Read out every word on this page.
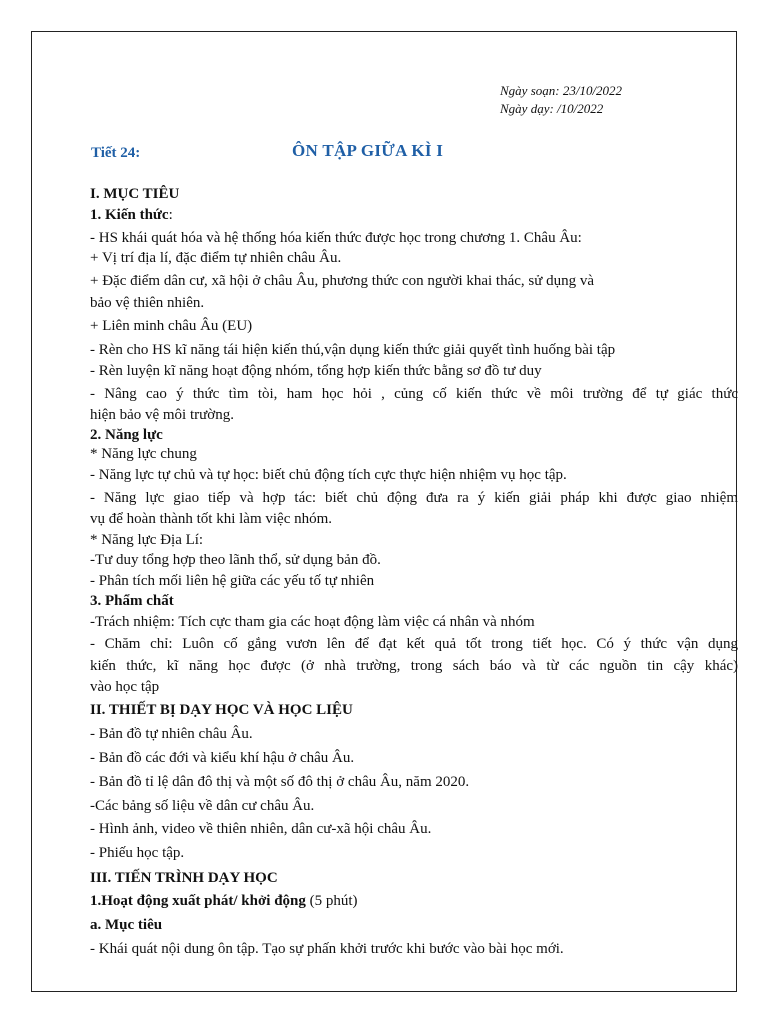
Ngày soạn: 23/10/2022
Ngày dạy: /10/2022
Tiết 24:	ÔN TẬP GIỮA KÌ I
I. MỤC TIÊU
1. Kiến thức:
- HS khái quát hóa và hệ thống hóa kiến thức được học trong chương 1. Châu Âu:
+ Vị trí địa lí, đặc điểm tự nhiên châu Âu.
+ Đặc điểm dân cư, xã hội ở châu Âu, phương thức con người khai thác, sử dụng và
bảo vệ thiên nhiên.
+ Liên minh châu Âu (EU)
- Rèn cho HS kĩ năng tái hiện kiến thú,vận dụng kiến thức giải quyết tình huống bài tập
- Rèn luyện kĩ năng hoạt động nhóm, tổng hợp kiến thức bằng sơ đồ tư duy
- Nâng cao ý thức tìm tòi, ham học hỏi , củng cố kiến thức về môi trường để tự giác thức
hiện bảo vệ môi trường.
2. Năng lực
* Năng lực chung
- Năng lực tự chủ và tự học: biết chủ động tích cực thực hiện nhiệm vụ học tập.
- Năng lực giao tiếp và hợp tác: biết chủ động đưa ra ý kiến giải pháp khi được giao nhiệm
vụ để hoàn thành tốt khi làm việc nhóm.
* Năng lực Địa Lí:
-Tư duy tổng hợp theo lãnh thổ, sử dụng bản đồ.
- Phân tích mối liên hệ giữa các yếu tố tự nhiên
3. Phẩm chất
-Trách nhiệm: Tích cực tham gia các hoạt động làm việc cá nhân và nhóm
- Chăm chỉ: Luôn cố gắng vươn lên để đạt kết quả tốt trong tiết học. Có ý thức vận dụng
kiến thức, kĩ năng học được (ở nhà trường, trong sách báo và từ các nguồn tin cậy khác)
vào học tập
II. THIẾT BỊ DẠY HỌC VÀ HỌC LIỆU
- Bản đồ tự nhiên châu Âu.
- Bản đồ các đới và kiểu khí hậu ở châu Âu.
- Bản đồ tỉ lệ dân đô thị và một số đô thị ở châu Âu, năm 2020.
-Các bảng số liệu về dân cư châu Âu.
- Hình ảnh, video về thiên nhiên, dân cư-xã hội châu Âu.
- Phiếu học tập.
III. TIẾN TRÌNH DẠY HỌC
1.Hoạt động xuất phát/ khởi động (5 phút)
a. Mục tiêu
- Khái quát nội dung ôn tập. Tạo sự phấn khởi trước khi bước vào bài học mới.
